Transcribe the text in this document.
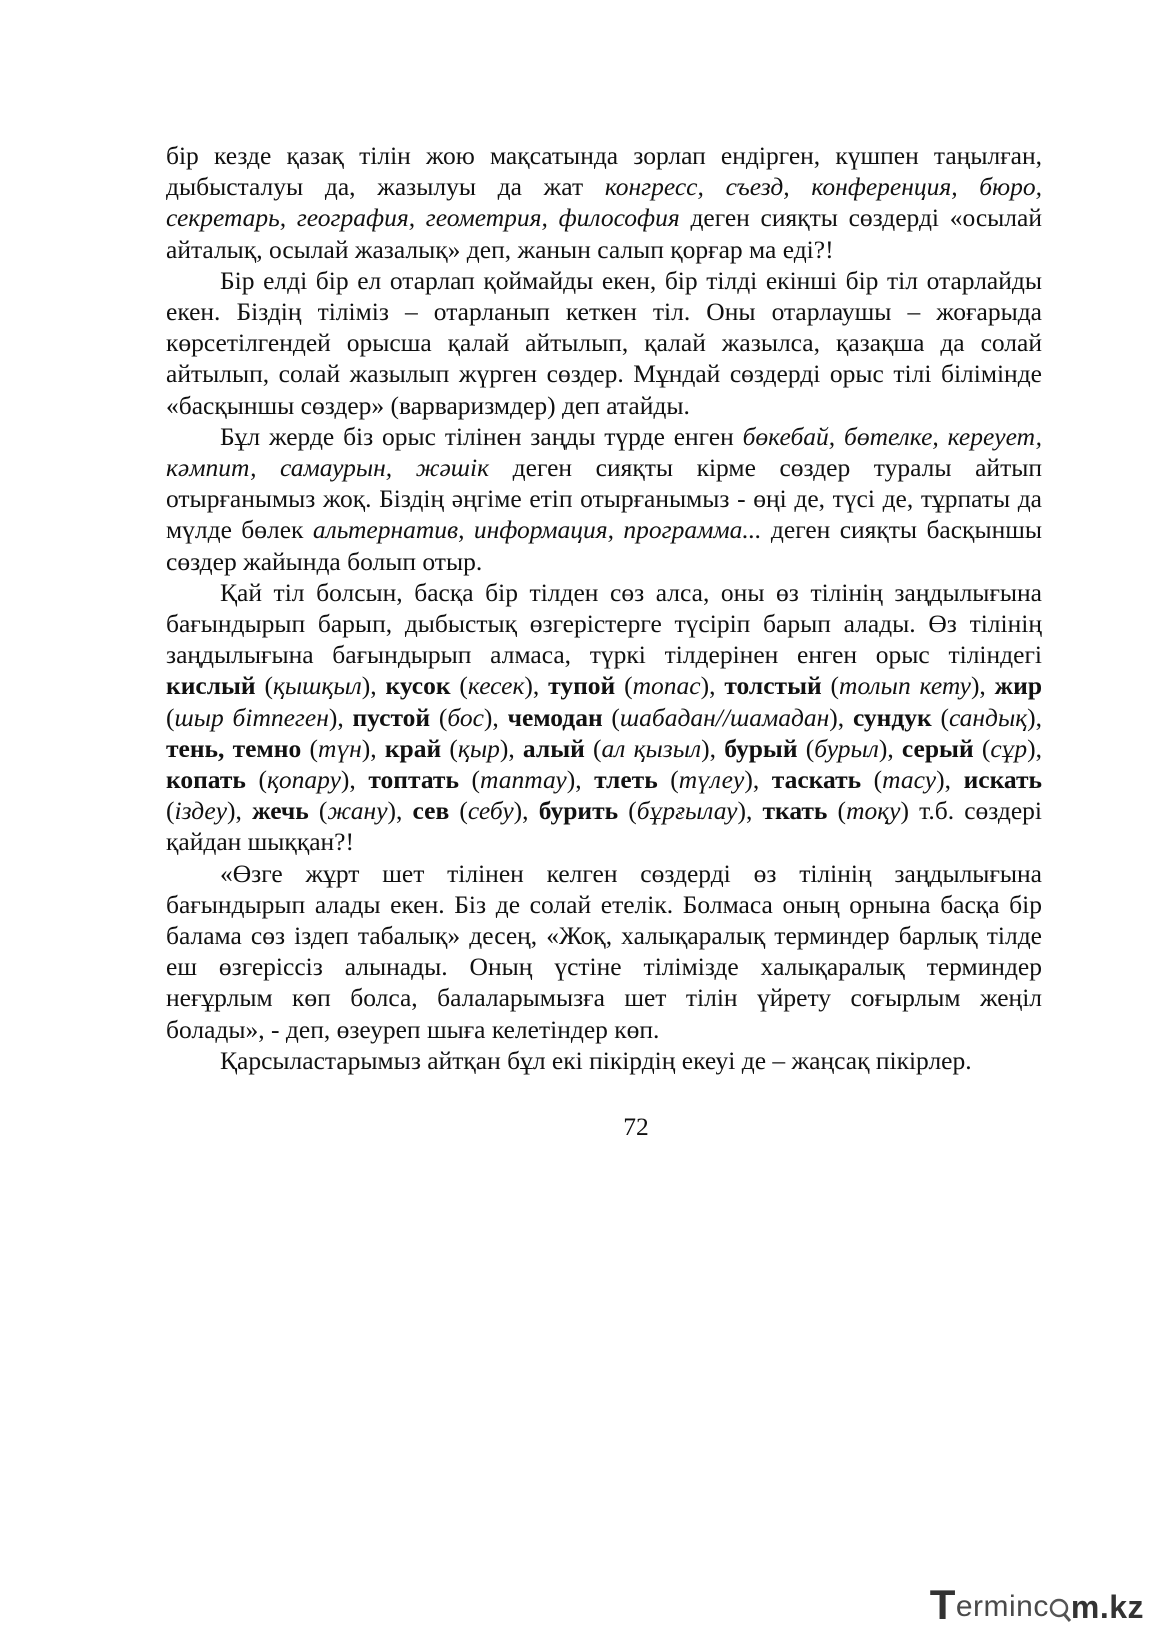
бір кезде қазақ тілін жою мақсатында зорлап ендірген, күшпен таңылған, дыбысталуы да, жазылуы да жат конгресс, съезд, конференция, бюро, секретарь, география, геометрия, философия деген сияқты сөздерді «осылай айталық, осылай жазалық» деп, жанын салып қорғар ма еді?!

Бір елді бір ел отарлап қоймайды екен, бір тілді екінші бір тіл отарлайды екен. Біздің тіліміз – отарланып кеткен тіл. Оны отарлаушы – жоғарыда көрсетілгендей орысша қалай айтылып, қалай жазылса, қазақша да солай айтылып, солай жазылып жүрген сөздер. Мұндай сөздерді орыс тілі білімінде «басқыншы сөздер» (варваризмдер) деп атайды.

Бұл жерде біз орыс тілінен заңды түрде енген бөкебай, бөтелке, кереует, кәмпит, самаурын, жәшік деген сияқты кірме сөздер туралы айтып отырғанымыз жоқ. Біздің әңгіме етіп отырғанымыз - өңі де, түсі де, тұрпаты да мүлде бөлек альтернатив, информация, программа... деген сияқты басқыншы сөздер жайында болып отыр.

Қай тіл болсын, басқа бір тілден сөз алса, оны өз тілінің заңдылығына бағындырып барып, дыбыстық өзгерістерге түсіріп барып алады. Өз тілінің заңдылығына бағындырып алмаса, түркі тілдерінен енген орыс тіліндегі кислый (қышқыл), кусок (кесек), тупой (топас), толстый (толып кету), жир (шыр бітпеген), пустой (бос), чемодан (шабадан//шамадан), сундук (сандық), тень, темно (түн), край (қыр), алый (ал қызыл), бурый (бурыл), серый (сұр), копать (қопару), топтать (таптау), тлеть (түлеу), таскать (тасу), искать (іздеу), жечь (жану), сев (себу), бурить (бұрғылау), ткать (тоқу) т.б. сөздері қайдан шыққан?!

«Өзге жұрт шет тілінен келген сөздерді өз тілінің заңдылығына бағындырып алады екен. Біз де солай етелік. Болмаса оның орнына басқа бір балама сөз іздеп табалық» десең, «Жоқ, халықаралық терминдер барлық тілде еш өзгеріссіз алынады. Оның үстіне тілімізде халықаралық терминдер неғұрлым көп болса, балаларымызға шет тілін үйрету соғырлым жеңіл болады», - деп, өзеуреп шыға келетіндер көп.

Қарсыластарымыз айтқан бұл екі пікірдің екеуі де – жаңсақ пікірлер.

72
T ermin c m.kz
